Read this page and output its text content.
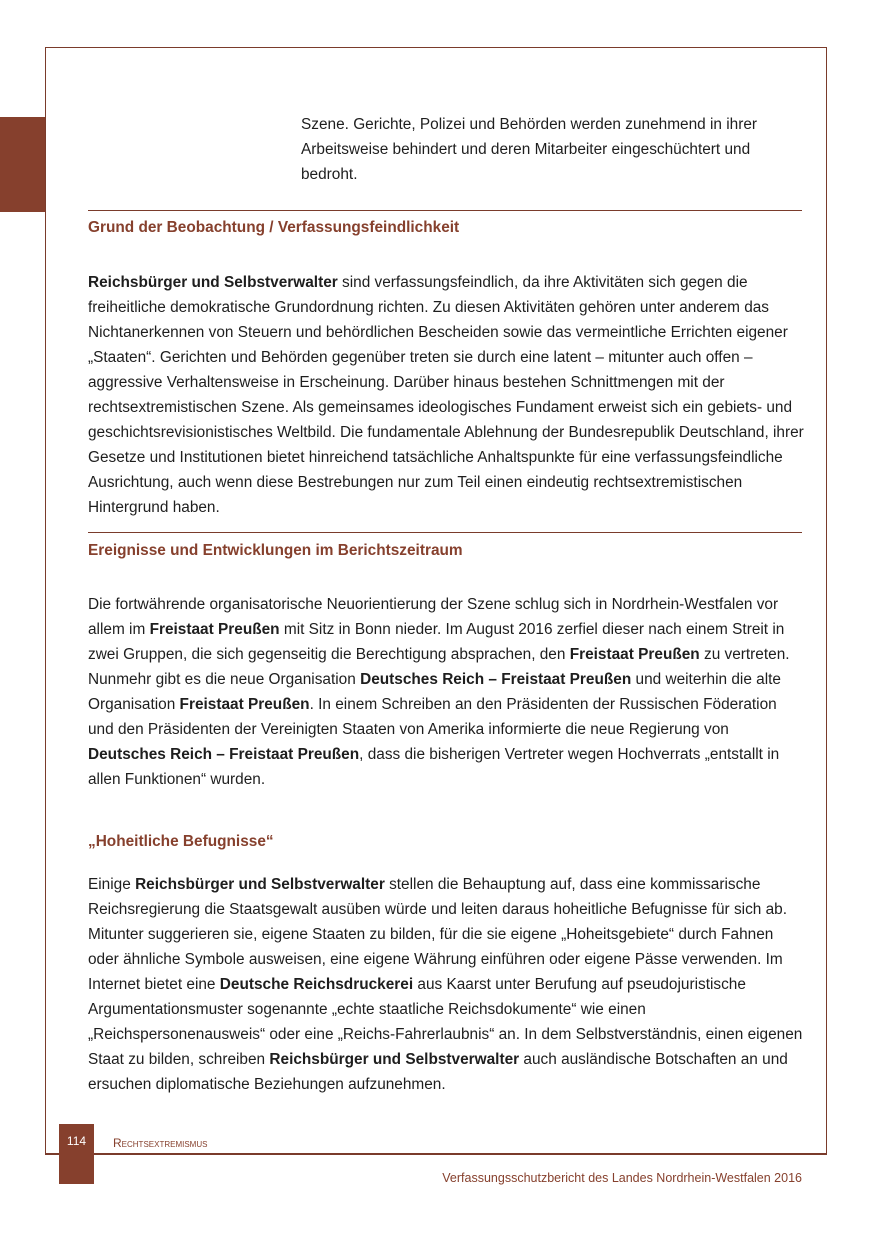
Szene. Gerichte, Polizei und Behörden werden zunehmend in ihrer Arbeitsweise behindert und deren Mitarbeiter eingeschüchtert und bedroht.

Grund der Beobachtung / Verfassungsfeindlichkeit

Reichsbürger und Selbstverwalter sind verfassungsfeindlich, da ihre Aktivitäten sich gegen die freiheitliche demokratische Grundordnung richten. Zu diesen Aktivitäten gehören unter anderem das Nichtanerkennen von Steuern und behördlichen Bescheiden sowie das vermeintliche Errichten eigener „Staaten“. Gerichten und Behörden gegenüber treten sie durch eine latent – mitunter auch offen – aggressive Verhaltensweise in Erscheinung. Darüber hinaus bestehen Schnittmengen mit der rechtsextremistischen Szene. Als gemeinsames ideologisches Fundament erweist sich ein gebiets- und geschichtsrevisionistisches Weltbild. Die fundamentale Ablehnung der Bundesrepublik Deutschland, ihrer Gesetze und Institutionen bietet hinreichend tatsächliche Anhaltspunkte für eine verfassungsfeindliche Ausrichtung, auch wenn diese Bestrebungen nur zum Teil einen eindeutig rechtsextremistischen Hintergrund haben.

Ereignisse und Entwicklungen im Berichtszeitraum

Die fortwährende organisatorische Neuorientierung der Szene schlug sich in Nordrhein-Westfalen vor allem im Freistaat Preußen mit Sitz in Bonn nieder. Im August 2016 zerfiel dieser nach einem Streit in zwei Gruppen, die sich gegenseitig die Berechtigung absprachen, den Freistaat Preußen zu vertreten. Nunmehr gibt es die neue Organisation Deutsches Reich – Freistaat Preußen und weiterhin die alte Organisation Freistaat Preußen. In einem Schreiben an den Präsidenten der Russischen Föderation und den Präsidenten der Vereinigten Staaten von Amerika informierte die neue Regierung von Deutsches Reich – Freistaat Preußen, dass die bisherigen Vertreter wegen Hochverrats „entstallt in allen Funktionen“ wurden.

„Hoheitliche Befugnisse“

Einige Reichsbürger und Selbstverwalter stellen die Behauptung auf, dass eine kommissarische Reichsregierung die Staatsgewalt ausüben würde und leiten daraus hoheitliche Befugnisse für sich ab. Mitunter suggerieren sie, eigene Staaten zu bilden, für die sie eigene „Hoheitsgebiete“ durch Fahnen oder ähnliche Symbole ausweisen, eine eigene Währung einführen oder eigene Pässe verwenden. Im Internet bietet eine Deutsche Reichsdruckerei aus Kaarst unter Berufung auf pseudojuristische Argumentationsmuster sogenannte „echte staatliche Reichsdokumente“ wie einen „Reichspersonenausweis“ oder eine „Reichs-Fahrerlaubnis“ an. In dem Selbstverständnis, einen eigenen Staat zu bilden, schreiben Reichsbürger und Selbstverwalter auch ausländische Botschaften an und ersuchen diplomatische Beziehungen aufzunehmen.

114	Rechtsextremismus
Verfassungsschutzbericht des Landes Nordrhein-Westfalen 2016
